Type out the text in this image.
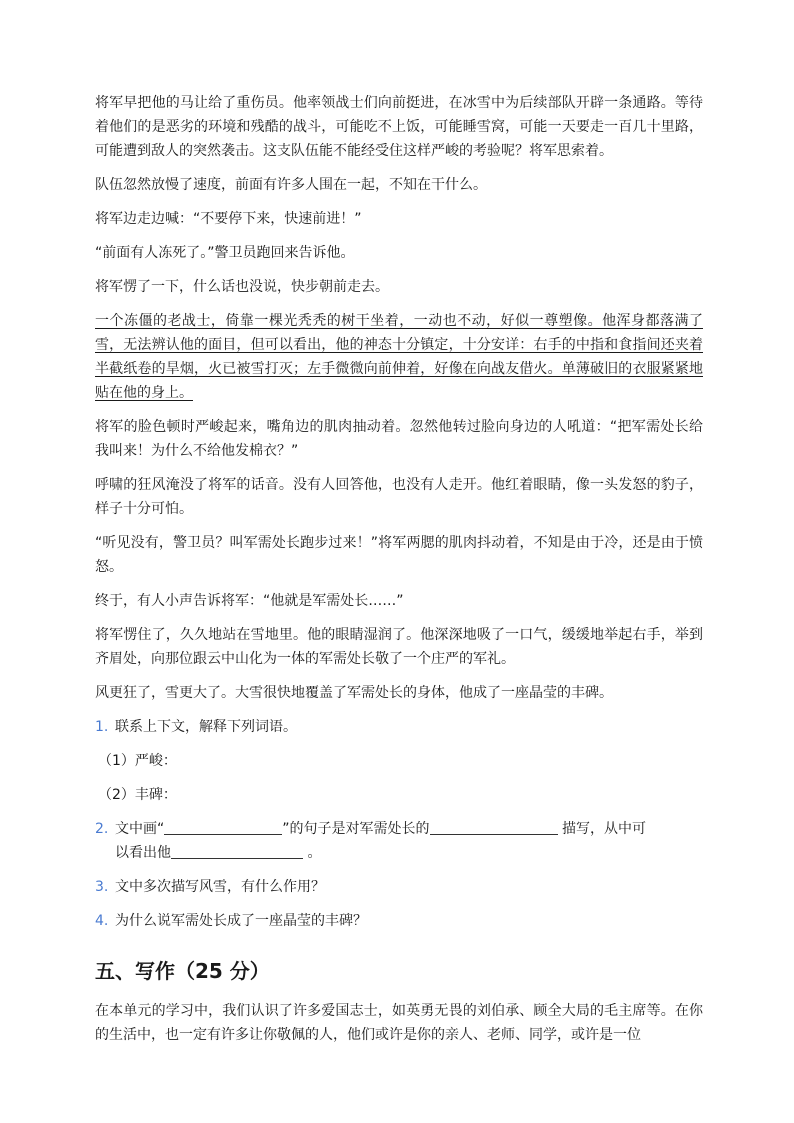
将军早把他的马让给了重伤员。他率领战士们向前挺进，在冰雪中为后续部队开辟一条通路。等待着他们的是恶劣的环境和残酷的战斗，可能吃不上饭，可能睡雪窝，可能一天要走一百几十里路，可能遭到敌人的突然袭击。这支队伍能不能经受住这样严峻的考验呢？将军思索着。

队伍忽然放慢了速度，前面有许多人围在一起，不知在干什么。

将军边走边喊：“不要停下来，快速前进！”

“前面有人冻死了。”警卫员跑回来告诉他。

将军愣了一下，什么话也没说，快步朝前走去。

一个冻僵的老战士，倚靠一棵光秃秃的树干坐着，一动也不动，好似一尊塑像。他浑身都落满了雪，无法辨认他的面目，但可以看出，他的神态十分镇定，十分安详：右手的中指和食指间还夹着半截纸卷的旱烟，火已被雪打灭；左手微微向前伸着，好像在向战友借火。单薄破旧的衣服紧紧地贴在他的身上。

将军的脸色顿时严峻起来，嘴角边的肌肉抽动着。忽然他转过脸向身边的人吼道：“把军需处长给我叫来！为什么不给他发棉衣？”

呼啸的狂风淹没了将军的话音。没有人回答他，也没有人走开。他红着眼睛，像一头发怒的豹子，样子十分可怕。

“听见没有，警卫员？叫军需处长跑步过来！”将军两腮的肌肉抖动着，不知是由于冷，还是由于愤怒。

终于，有人小声告诉将军：“他就是军需处长……”

将军愣住了，久久地站在雪地里。他的眼睛湿润了。他深深地吸了一口气，缓缓地举起右手，举到齐眉处，向那位跟云中山化为一体的军需处长敬了一个庄严的军礼。

风更狂了，雪更大了。大雪很快地覆盖了军需处长的身体，他成了一座晶莹的丰碑。

1. 联系上下文，解释下列词语。
（1）严峻：
（2）丰碑：
2. 文中画“	”的句子是对军需处长的	描写，从中可
以看出他	。
3. 文中多次描写风雪，有什么作用？
4. 为什么说军需处长成了一座晶莹的丰碑？
五、写作（25 分）

在本单元的学习中，我们认识了许多爱国志士，如英勇无畏的刘伯承、顾全大局的毛主席等。在你的生活中，也一定有许多让你敬佩的人，他们或许是你的亲人、老师、同学，或许是一位
